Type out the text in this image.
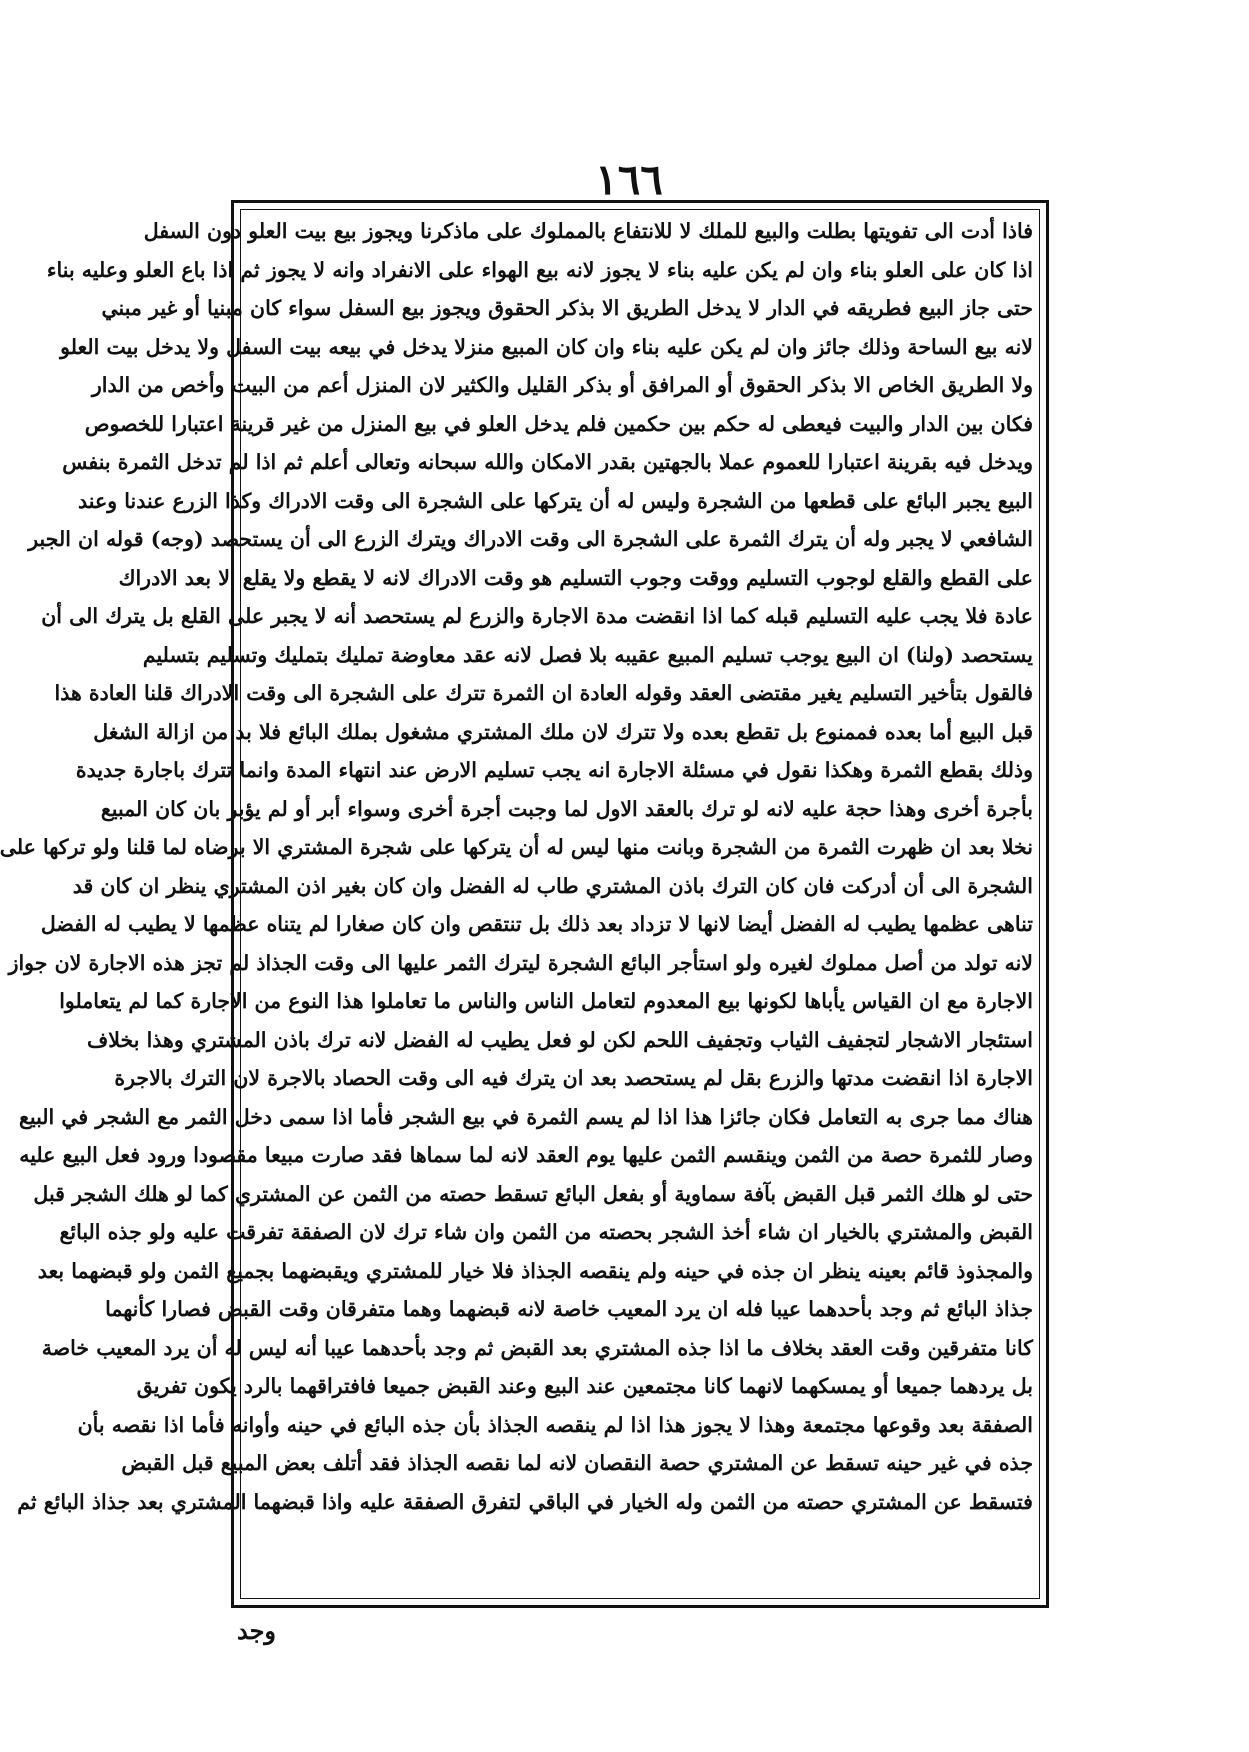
١٦٦
فاذا أدت الى تفويتها بطلت والبيع للملك لا للانتفاع بالمملوك على ماذكرنا ويجوز بيع بيت العلو دون السفل
اذا كان على العلو بناء وان لم يكن عليه بناء لا يجوز لانه بيع الهواء على الانفراد وانه لا يجوز ثم اذا باع العلو وعليه بناء
حتى جاز البيع فطريقه في الدار لا يدخل الطريق الا بذكر الحقوق ويجوز بيع السفل سواء كان مبنيا أو غير مبني
لانه بيع الساحة وذلك جائز وان لم يكن عليه بناء وان كان المبيع منزلا يدخل في بيعه بيت السفل ولا يدخل بيت العلو
ولا الطريق الخاص الا بذكر الحقوق أو المرافق أو بذكر القليل والكثير لان المنزل أعم من البيت وأخص من الدار
فكان بين الدار والبيت فيعطى له حكم بين حكمين فلم يدخل العلو في بيع المنزل من غير قرينة اعتبارا للخصوص
ويدخل فيه بقرينة اعتبارا للعموم عملا بالجهتين بقدر الامكان والله سبحانه وتعالى أعلم ثم اذا لم تدخل الثمرة بنفس
البيع يجبر البائع على قطعها من الشجرة وليس له أن يتركها على الشجرة الى وقت الادراك وكذا الزرع عندنا وعند
الشافعي لا يجبر وله أن يترك الثمرة على الشجرة الى وقت الادراك ويترك الزرع الى أن يستحصد (وجه) قوله ان الجبر
على القطع والقلع لوجوب التسليم ووقت وجوب التسليم هو وقت الادراك لانه لا يقطع ولا يقلع الا بعد الادراك
عادة فلا يجب عليه التسليم قبله كما اذا انقضت مدة الاجارة والزرع لم يستحصد أنه لا يجبر على القلع بل يترك الى أن
يستحصد (ولنا) ان البيع يوجب تسليم المبيع عقيبه بلا فصل لانه عقد معاوضة تمليك بتمليك وتسليم بتسليم
فالقول بتأخير التسليم يغير مقتضى العقد وقوله العادة ان الثمرة تترك على الشجرة الى وقت الادراك قلنا العادة هذا
قبل البيع أما بعده فممنوع بل تقطع بعده ولا تترك لان ملك المشتري مشغول بملك البائع فلا بد من ازالة الشغل
وذلك بقطع الثمرة وهكذا نقول في مسئلة الاجارة انه يجب تسليم الارض عند انتهاء المدة وانما تترك باجارة جديدة
بأجرة أخرى وهذا حجة عليه لانه لو ترك بالعقد الاول لما وجبت أجرة أخرى وسواء أبر أو لم يؤبر بان كان المبيع
نخلا بعد ان ظهرت الثمرة من الشجرة وبانت منها ليس له أن يتركها على شجرة المشتري الا برضاه لما قلنا ولو تركها على
الشجرة الى أن أدركت فان كان الترك باذن المشتري طاب له الفضل وان كان بغير اذن المشتري ينظر ان كان قد
تناهى عظمها يطيب له الفضل أيضا لانها لا تزداد بعد ذلك بل تنتقص وان كان صغارا لم يتناه عظمها لا يطيب له الفضل
لانه تولد من أصل مملوك لغيره ولو استأجر البائع الشجرة ليترك الثمر عليها الى وقت الجذاذ لم تجز هذه الاجارة لان جواز
الاجارة مع ان القياس يأباها لكونها بيع المعدوم لتعامل الناس والناس ما تعاملوا هذا النوع من الاجارة كما لم يتعاملوا
استئجار الاشجار لتجفيف الثياب وتجفيف اللحم لكن لو فعل يطيب له الفضل لانه ترك باذن المشتري وهذا بخلاف
الاجارة اذا انقضت مدتها والزرع بقل لم يستحصد بعد ان يترك فيه الى وقت الحصاد بالاجرة لان الترك بالاجرة
هناك مما جرى به التعامل فكان جائزا هذا اذا لم يسم الثمرة في بيع الشجر فأما اذا سمى دخل الثمر مع الشجر في البيع
وصار للثمرة حصة من الثمن وينقسم الثمن عليها يوم العقد لانه لما سماها فقد صارت مبيعا مقصودا ورود فعل البيع عليه
حتى لو هلك الثمر قبل القبض بآفة سماوية أو بفعل البائع تسقط حصته من الثمن عن المشتري كما لو هلك الشجر قبل
القبض والمشتري بالخيار ان شاء أخذ الشجر بحصته من الثمن وان شاء ترك لان الصفقة تفرقت عليه ولو جذه البائع
والمجذوذ قائم بعينه ينظر ان جذه في حينه ولم ينقصه الجذاذ فلا خيار للمشتري ويقبضهما بجميع الثمن ولو قبضهما بعد
جذاذ البائع ثم وجد بأحدهما عيبا فله ان يرد المعيب خاصة لانه قبضهما وهما متفرقان وقت القبض فصارا كأنهما
كانا متفرقين وقت العقد بخلاف ما اذا جذه المشتري بعد القبض ثم وجد بأحدهما عيبا أنه ليس له أن يرد المعيب خاصة
بل يردهما جميعا أو يمسكهما لانهما كانا مجتمعين عند البيع وعند القبض جميعا فافتراقهما بالرد يكون تفريق
الصفقة بعد وقوعها مجتمعة وهذا لا يجوز هذا اذا لم ينقصه الجذاذ بأن جذه البائع في حينه وأوانه فأما اذا نقصه بأن
جذه في غير حينه تسقط عن المشتري حصة النقصان لانه لما نقصه الجذاذ فقد أتلف بعض المبيع قبل القبض
فتسقط عن المشتري حصته من الثمن وله الخيار في الباقي لتفرق الصفقة عليه واذا قبضهما المشتري بعد جذاذ البائع ثم
وجد
